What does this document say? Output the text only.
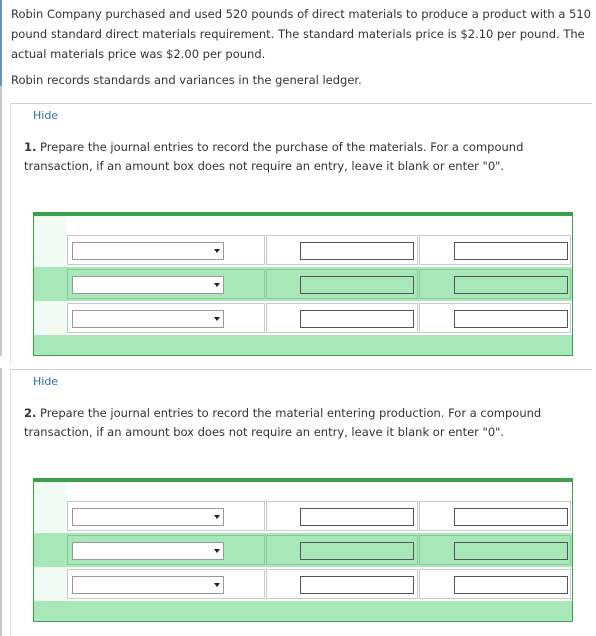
Robin Company purchased and used 520 pounds of direct materials to produce a product with a 510 pound standard direct materials requirement. The standard materials price is $2.10 per pound. The actual materials price was $2.00 per pound.

Robin records standards and variances in the general ledger.

Hide
1. Prepare the journal entries to record the purchase of the materials. For a compound transaction, if an amount box does not require an entry, leave it blank or enter "0".
Hide
2. Prepare the journal entries to record the material entering production. For a compound transaction, if an amount box does not require an entry, leave it blank or enter "0".
